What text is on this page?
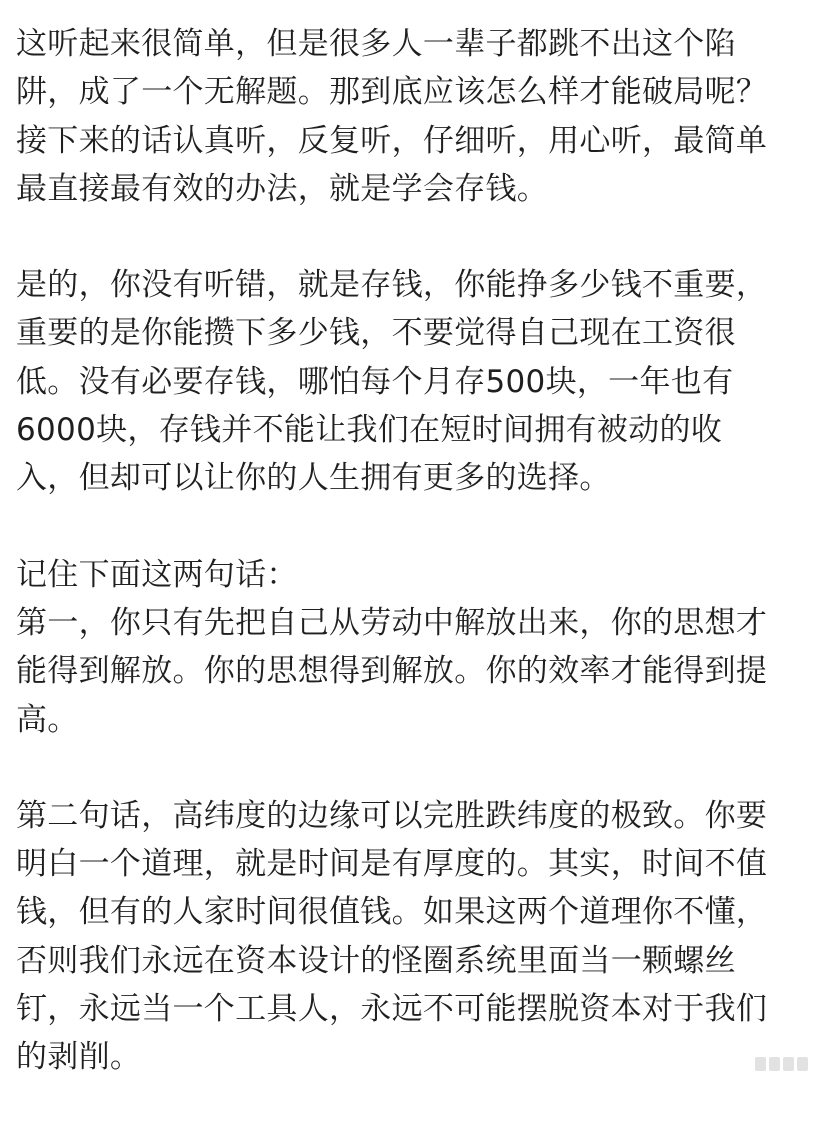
这听起来很简单，但是很多人一辈子都跳不出这个陷
阱，成了一个无解题。那到底应该怎么样才能破局呢？
接下来的话认真听，反复听，仔细听，用心听，最简单
最直接最有效的办法，就是学会存钱。
是的，你没有听错，就是存钱，你能挣多少钱不重要，
重要的是你能攒下多少钱，不要觉得自己现在工资很
低。没有必要存钱，哪怕每个月存500块，一年也有
6000块，存钱并不能让我们在短时间拥有被动的收
入，但却可以让你的人生拥有更多的选择。
记住下面这两句话：
第一，你只有先把自己从劳动中解放出来，你的思想才
能得到解放。你的思想得到解放。你的效率才能得到提
高。
第二句话，高纬度的边缘可以完胜跌纬度的极致。你要
明白一个道理，就是时间是有厚度的。其实，时间不值
钱，但有的人家时间很值钱。如果这两个道理你不懂，
否则我们永远在资本设计的怪圈系统里面当一颗螺丝
钉，永远当一个工具人，永远不可能摆脱资本对于我们
的剥削。
